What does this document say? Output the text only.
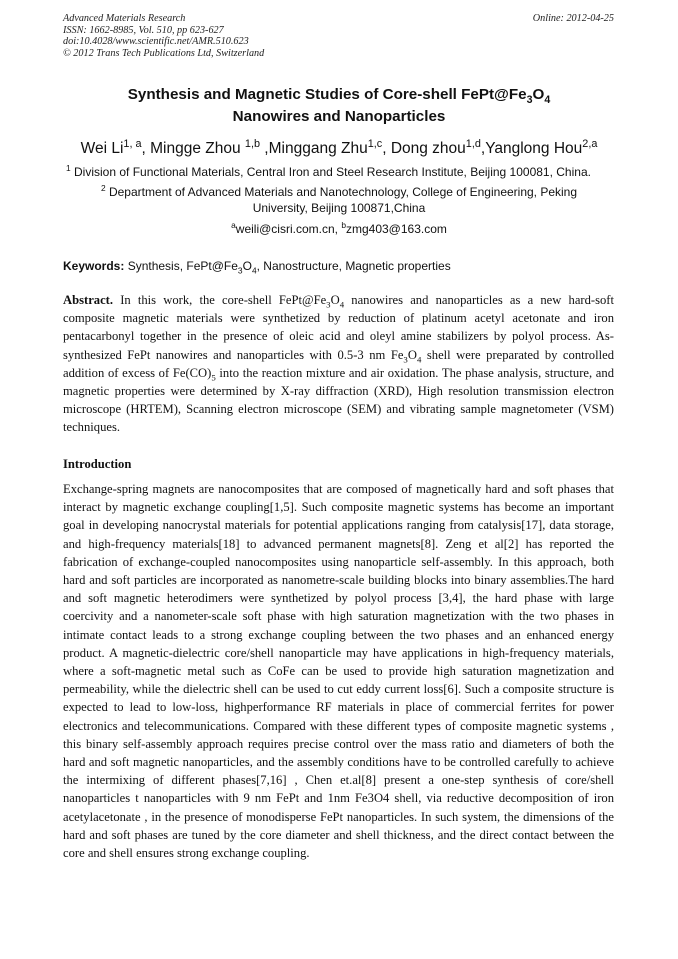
Advanced Materials Research
ISSN: 1662-8985, Vol. 510, pp 623-627
doi:10.4028/www.scientific.net/AMR.510.623
© 2012 Trans Tech Publications Ltd, Switzerland
Online: 2012-04-25
Synthesis and Magnetic Studies of Core-shell $FePt@Fe_3O_4$
Nanowires and Nanoparticles
Wei Li$^{1, a}$, Mingge Zhou $^{1,b}$ ,Minggang Zhu$^{1,c}$, Dong zhou$^{1,d}$,Yanglong Hou$^{2,a}$
$^1$ Division of Functional Materials, Central Iron and Steel Research Institute, Beijing 100081, China.
$^2$ Department of Advanced Materials and Nanotechnology, College of Engineering, Peking
University, Beijing 100871,China
$^a$weili@cisri.com.cn, $^b$zmg403@163.com
Keywords: Synthesis, $FePt@Fe_3O_4$, Nanostructure, Magnetic properties
Abstract. In this work, the core-shell $FePt@Fe_3O_4$ nanowires and nanoparticles as a new hard-soft composite magnetic materials were synthetized by reduction of platinum acetyl acetonate and iron pentacarbonyl together in the presence of oleic acid and oleyl amine stabilizers by polyol process. As-synthesized FePt nanowires and nanoparticles with 0.5-3 nm $Fe_3O_4$ shell were preparated by controlled addition of excess of $Fe(CO)_5$ into the reaction mixture and air oxidation. The phase analysis, structure, and magnetic properties were determined by X-ray diffraction (XRD), High resolution transmission electron microscope (HRTEM), Scanning electron microscope (SEM) and vibrating sample magnetometer (VSM) techniques.
Introduction
Exchange-spring magnets are nanocomposites that are composed of magnetically hard and soft phases that interact by magnetic exchange coupling[1,5]. Such composite magnetic systems has become an important goal in developing nanocrystal materials for potential applications ranging from catalysis[17], data storage, and high-frequency materials[18] to advanced permanent magnets[8]. Zeng et al[2] has reported the fabrication of exchange-coupled nanocomposites using nanoparticle self-assembly. In this approach, both hard and soft particles are incorporated as nanometre-scale building blocks into binary assemblies.The hard and soft magnetic heterodimers were synthetized by polyol process [3,4], the hard phase with large coercivity and a nanometer-scale soft phase with high saturation magnetization with the two phases in intimate contact leads to a strong exchange coupling between the two phases and an enhanced energy product. A magnetic-dielectric core/shell nanoparticle may have applications in high-frequency materials, where a soft-magnetic metal such as CoFe can be used to provide high saturation magnetization and permeability, while the dielectric shell can be used to cut eddy current loss[6]. Such a composite structure is expected to lead to low-loss, highperformance RF materials in place of commercial ferrites for power electronics and telecommunications. Compared with these different types of composite magnetic systems , this binary self-assembly approach requires precise control over the mass ratio and diameters of both the hard and soft magnetic nanoparticles, and the assembly conditions have to be controlled carefully to achieve the intermixing of different phases[7,16] , Chen et.al[8] present a one-step synthesis of core/shell nanoparticles t nanoparticles with 9 nm FePt and 1nm Fe3O4 shell, via reductive decomposition of iron acetylacetonate , in the presence of monodisperse FePt nanoparticles. In such system, the dimensions of the hard and soft phases are tuned by the core diameter and shell thickness, and the direct contact between the core and shell ensures strong exchange coupling.
